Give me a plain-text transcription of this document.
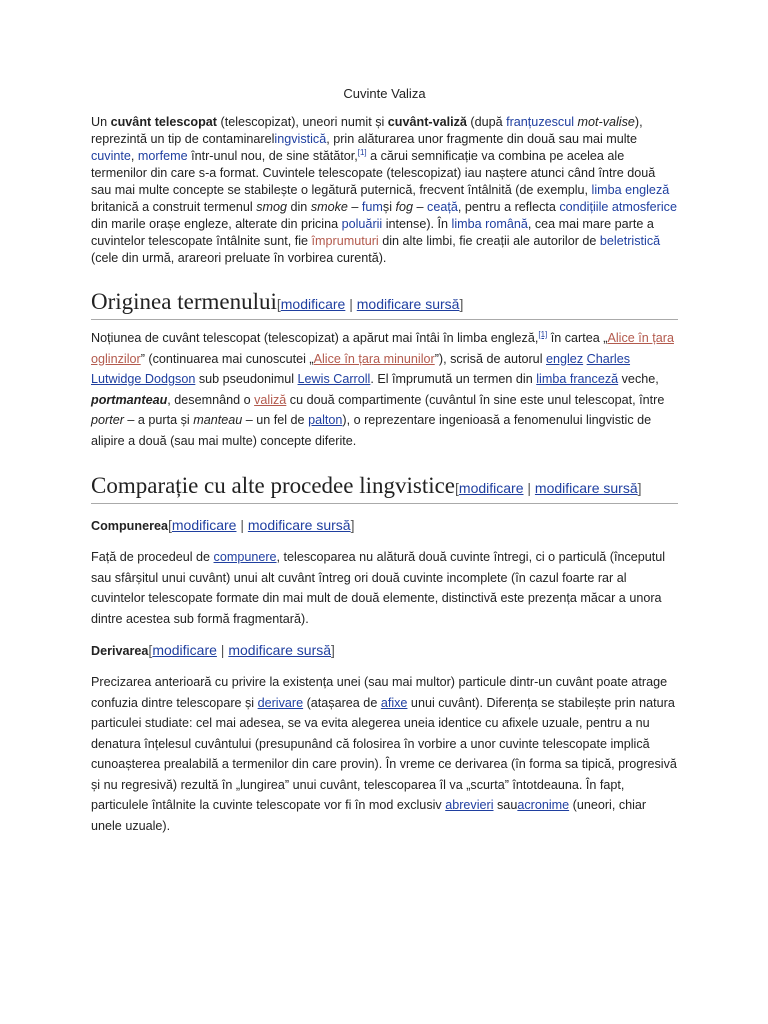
Cuvinte Valiza

Un cuvânt telescopat (telescopizat), uneori numit și cuvânt-valiză (după franțuzescul mot-valise), reprezintă un tip de contaminarelingvistică, prin alăturarea unor fragmente din două sau mai multe cuvinte, morfeme într-unul nou, de sine stătător,[1] a cărui semnificație va combina pe acelea ale termenilor din care s-a format. Cuvintele telescopate (telescopizat) iau naștere atunci când între două sau mai multe concepte se stabilește o legătură puternică, frecvent întâlnită (de exemplu, limba engleză britanică a construit termenul smog din smoke – fumși fog – ceață, pentru a reflecta condițiile atmosferice din marile orașe engleze, alterate din pricina poluării intense). În limba română, cea mai mare parte a cuvintelor telescopate întâlnite sunt, fie împrumuturi din alte limbi, fie creații ale autorilor de beletristică (cele din urmă, arareori preluate în vorbirea curentă).

Originea termenului[modificare | modificare sursă]

Noțiunea de cuvânt telescopat (telescopizat) a apărut mai întâi în limba engleză,[1] în cartea „Alice în țara oglinzilor” (continuarea mai cunoscutei „Alice în țara minunilor”), scrisă de autorul englez Charles Lutwidge Dodgson sub pseudonimul Lewis Carroll. El împrumută un termen din limba franceză veche, portmanteau, desemnând o valiză cu două compartimente (cuvântul în sine este unul telescopat, între porter – a purta și manteau – un fel de palton), o reprezentare ingenioasă a fenomenului lingvistic de alipire a două (sau mai multe) concepte diferite.

Comparație cu alte procedee lingvistice[modificare | modificare sursă]

Compunerea[modificare | modificare sursă]

Față de procedeul de compunere, telescoparea nu alătură două cuvinte întregi, ci o particulă (începutul sau sfârșitul unui cuvânt) unui alt cuvânt întreg ori două cuvinte incomplete (în cazul foarte rar al cuvintelor telescopate formate din mai mult de două elemente, distinctivă este prezența măcar a unora dintre acestea sub formă fragmentară).

Derivarea[modificare | modificare sursă]

Precizarea anterioară cu privire la existența unei (sau mai multor) particule dintr-un cuvânt poate atrage confuzia dintre telescopare și derivare (atașarea de afixe unui cuvânt). Diferența se stabilește prin natura particulei studiate: cel mai adesea, se va evita alegerea uneia identice cu afixele uzuale, pentru a nu denatura înțelesul cuvântului (presupunând că folosirea în vorbire a unor cuvinte telescopate implică cunoașterea prealabilă a termenilor din care provin). În vreme ce derivarea (în forma sa tipică, progresivă și nu regresivă) rezultă în „lungirea” unui cuvânt, telescoparea îl va „scurta” întotdeauna. În fapt, particulele întâlnite la cuvinte telescopate vor fi în mod exclusiv abrevieri sauacronime (uneori, chiar unele uzuale).
